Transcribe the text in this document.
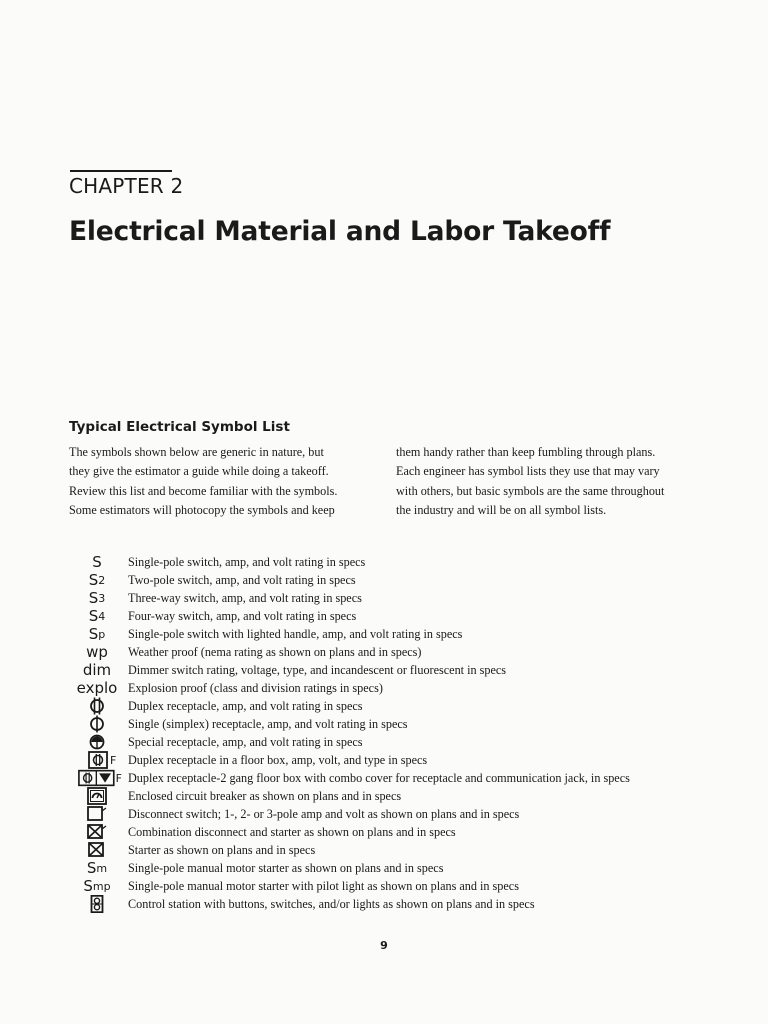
CHAPTER 2
Electrical Material and Labor Takeoff
Typical Electrical Symbol List
The symbols shown below are generic in nature, but
they give the estimator a guide while doing a takeoff.
Review this list and become familiar with the symbols.
Some estimators will photocopy the symbols and keep
them handy rather than keep fumbling through plans.
Each engineer has symbol lists they use that may vary
with others, but basic symbols are the same throughout
the industry and will be on all symbol lists.
S Single-pole switch, amp, and volt rating in specs
S 2 Two-pole switch, amp, and volt rating in specs
S 3 Three-way switch, amp, and volt rating in specs
S 4 Four-way switch, amp, and volt rating in specs
S p Single-pole switch with lighted handle, amp, and volt rating in specs
wp Weather proof (nema rating as shown on plans and in specs)
dim Dimmer switch rating, voltage, type, and incandescent or fluorescent in specs
explo Explosion proof (class and division ratings in specs)
Duplex receptacle, amp, and volt rating in specs
Single (simplex) receptacle, amp, and volt rating in specs
Special receptacle, amp, and volt rating in specs
F Duplex receptacle in a floor box, amp, volt, and type in specs
F Duplex receptacle-2 gang floor box with combo cover for receptacle and communication jack, in specs
Enclosed circuit breaker as shown on plans and in specs
Disconnect switch; 1-, 2- or 3-pole amp and volt as shown on plans and in specs
Combination disconnect and starter as shown on plans and in specs
Starter as shown on plans and in specs
S m Single-pole manual motor starter as shown on plans and in specs
S mp Single-pole manual motor starter with pilot light as shown on plans and in specs
Control station with buttons, switches, and/or lights as shown on plans and in specs
9
